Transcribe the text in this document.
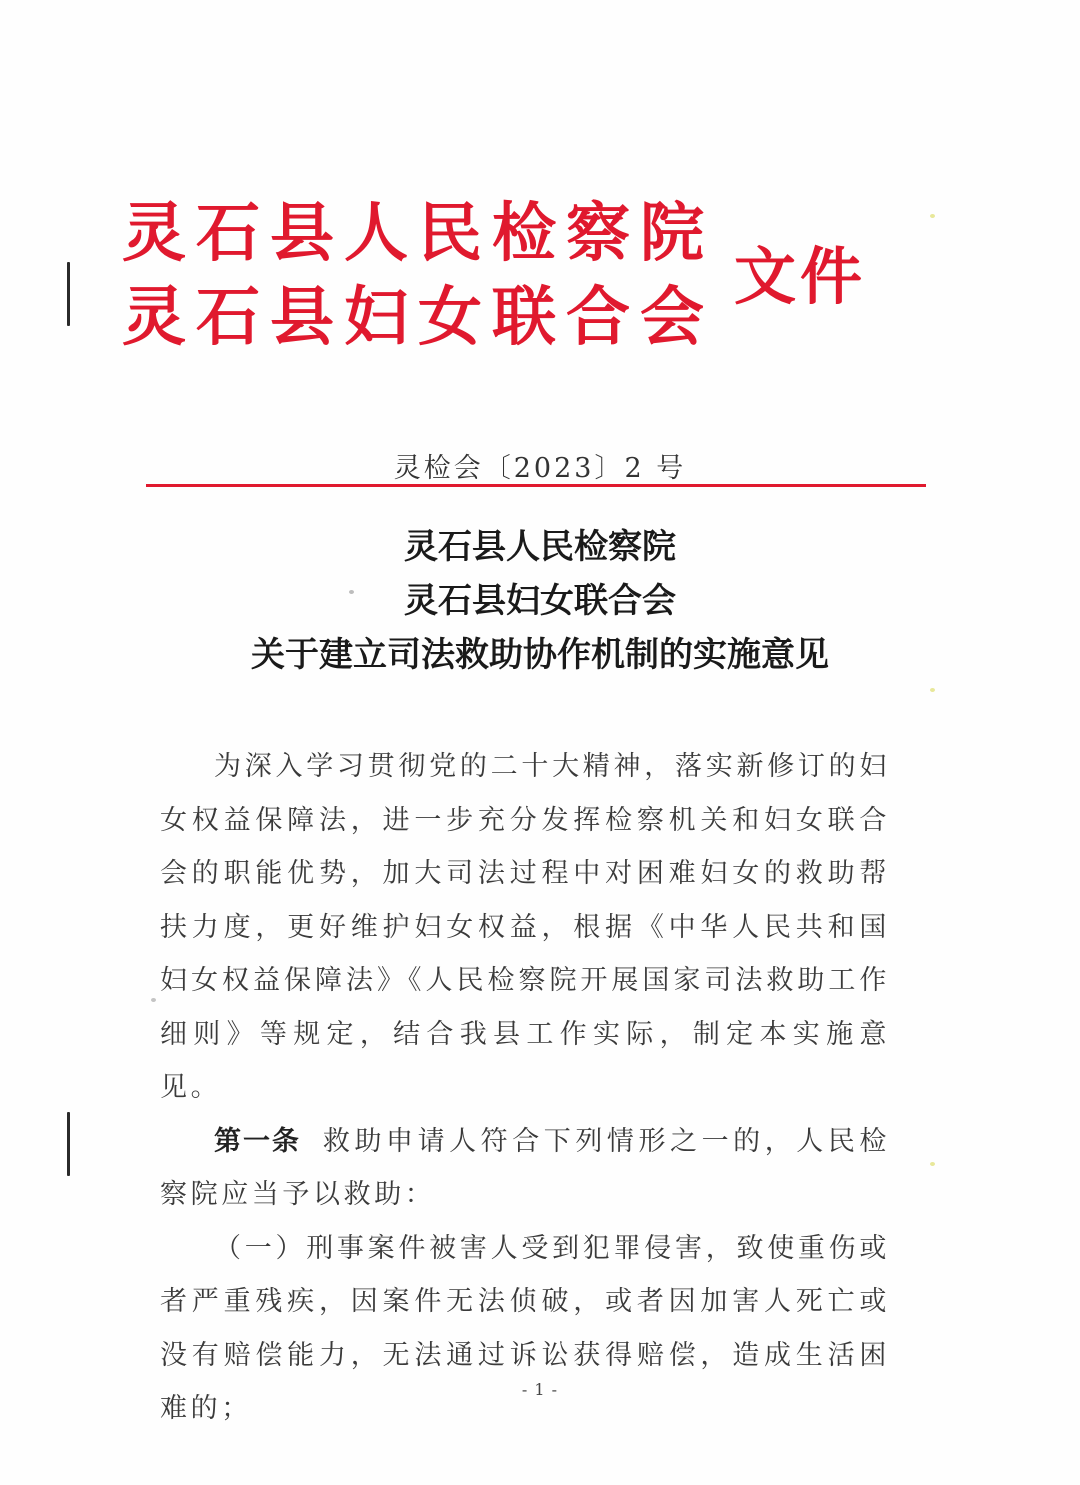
灵石县人民检察院
灵石县妇女联合会
文件
灵检会〔2023〕2 号
灵石县人民检察院
灵石县妇女联合会
关于建立司法救助协作机制的实施意见

为深入学习贯彻党的二十大精神，落实新修订的妇女权益保障法，进一步充分发挥检察机关和妇女联合会的职能优势，加大司法过程中对困难妇女的救助帮扶力度，更好维护妇女权益，根据《中华人民共和国妇女权益保障法》《人民检察院开展国家司法救助工作细则》等规定，结合我县工作实际，制定本实施意见。

第一条 救助申请人符合下列情形之一的，人民检察院应当予以救助：

（一）刑事案件被害人受到犯罪侵害，致使重伤或者严重残疾，因案件无法侦破，或者因加害人死亡或没有赔偿能力，无法通过诉讼获得赔偿，造成生活困难的；

- 1 -
